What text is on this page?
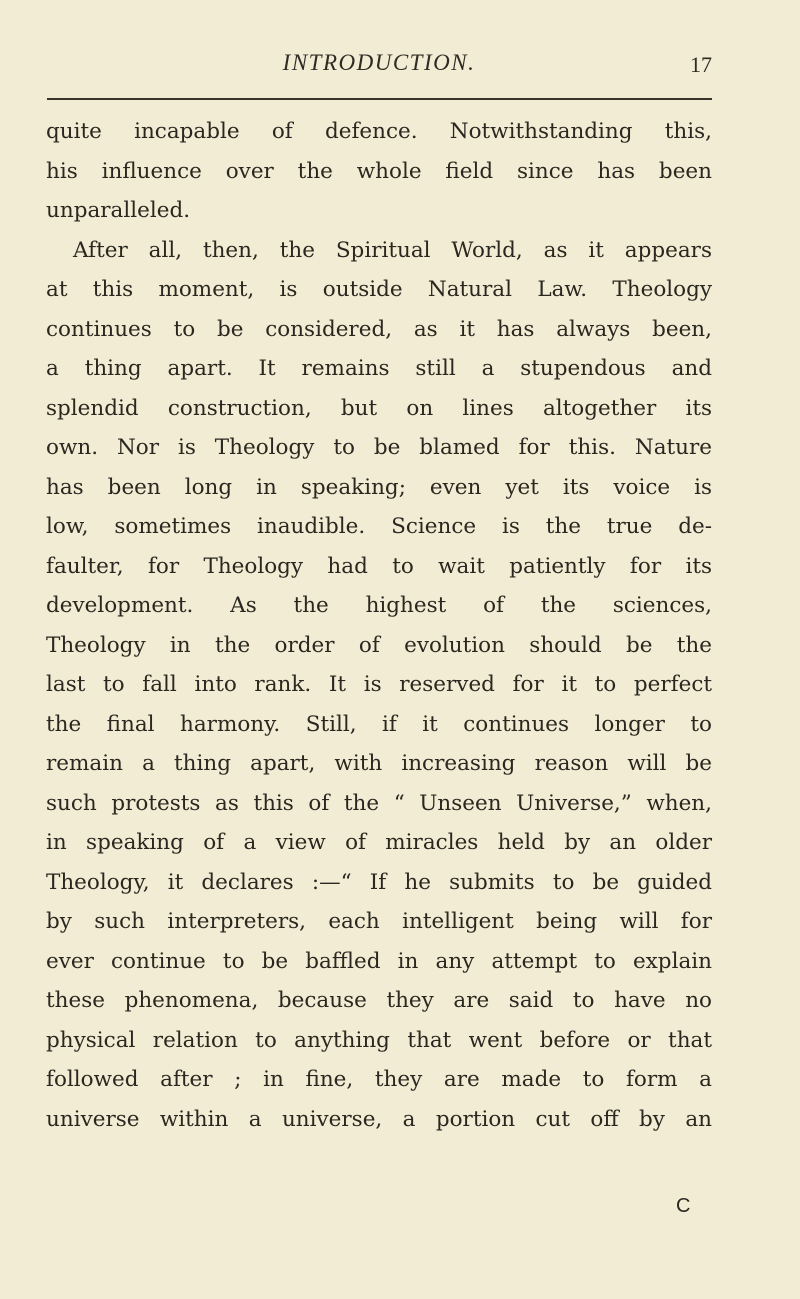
INTRODUCTION.	17
quite incapable of defence. Notwithstanding this,
his influence over the whole field since has been
unparalleled.
After all, then, the Spiritual World, as it appears
at this moment, is outside Natural Law. Theology
continues to be considered, as it has always been,
a thing apart. It remains still a stupendous and
splendid construction, but on lines altogether its
own. Nor is Theology to be blamed for this. Nature
has been long in speaking; even yet its voice is
low, sometimes inaudible. Science is the true de-
faulter, for Theology had to wait patiently for its
development. As the highest of the sciences,
Theology in the order of evolution should be the
last to fall into rank. It is reserved for it to perfect
the final harmony. Still, if it continues longer to
remain a thing apart, with increasing reason will be
such protests as this of the “ Unseen Universe,” when,
in speaking of a view of miracles held by an older
Theology, it declares :—“ If he submits to be guided
by such interpreters, each intelligent being will for
ever continue to be baffled in any attempt to explain
these phenomena, because they are said to have no
physical relation to anything that went before or that
followed after ; in fine, they are made to form a
universe within a universe, a portion cut off by an
C
